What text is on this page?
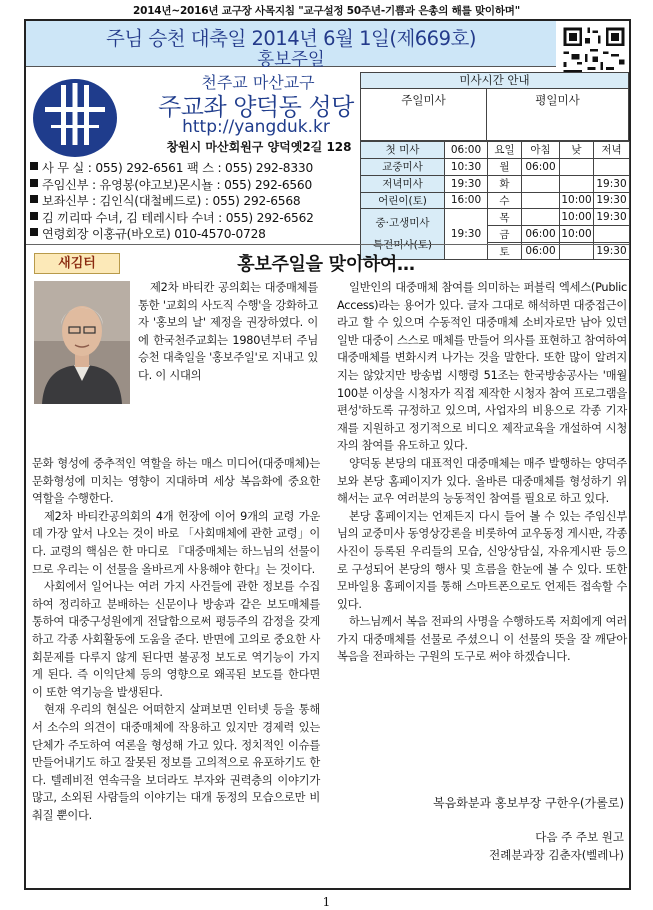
2014년~2016년 교구장 사목지침 "교구설정 50주년-기쁨과 은총의 해를 맞이하며"
주님 승천 대축일 2014년 6월 1일(제669호)
홍보주일
천주교 마산교구
주교좌 양덕동 성당
http://yangduk.kr
창원시 마산회원구 양덕옛2길 128
사 무 실 : 055) 292-6561 팩 스 : 055) 292-8330
주임신부 : 유영봉(야고보)몬시뇰 : 055) 292-6560
보좌신부 : 김인식(대철베드로) : 055) 292-6568
김 끼리따 수녀, 김 테레시타 수녀 : 055) 292-6562
연령회장 이홍규(바오로) 010-4570-0728
미사시간 안내
주일미사	평일미사
첫 미사	06:00	요일	아침	낮	저녁
교중미사	10:30	월	06:00		
저녁미사	19:30	화			19:30
어린이(토)	16:00	수		10:00	19:30
중·고생미사
특전미사(토)	19:30	목		10:00	19:30
		금	06:00	10:00	
		토	06:00		19:30
새김터	홍보주일을 맞이하여…

제2차 바티칸 공의회는 대중매체를 통한 '교회의 사도직 수행'을 강화하고자 '홍보의 날' 제정을 권장하였다. 이에 한국천주교회는 1980년부터 주님 승천 대축일을 '홍보주일'로 지내고 있다. 이 시대의

문화 형성에 중추적인 역할을 하는 매스 미디어(대중매체)는 문화형성에 미치는 영향이 지대하며 세상 복음화에 중요한 역할을 수행한다.

제2차 바티칸공의회의 4개 헌장에 이어 9개의 교령 가운데 가장 앞서 나오는 것이 바로 「사회매체에 관한 교령」이다. 교령의 핵심은 한 마디로 『대중매체는 하느님의 선물이므로 우리는 이 선물을 올바르게 사용해야 한다』는 것이다.

사회에서 일어나는 여러 가지 사건들에 관한 정보를 수집하여 정리하고 분배하는 신문이나 방송과 같은 보도매체를 통하여 대중구성원에게 전달함으로써 평등주의 감정을 갖게 하고 각종 사회활동에 도움을 준다. 반면에 고의로 중요한 사회문제를 다루지 않게 된다면 불공정 보도로 역기능이 가지게 된다. 즉 이익단체 등의 영향으로 왜곡된 보도를 한다면 이 또한 역기능을 발생된다.

현재 우리의 현실은 어떠한지 살펴보면 인터넷 등을 통해서 소수의 의견이 대중매체에 작용하고 있지만 경제력 있는 단체가 주도하여 여론을 형성해 가고 있다. 정치적인 이슈를 만들어내기도 하고 잘못된 정보를 고의적으로 유포하기도 한다. 텔레비전 연속극을 보더라도 부자와 권력층의 이야기가 많고, 소외된 사람들의 이야기는 대개 동정의 모습으로만 비춰질 뿐이다.

일반인의 대중매체 참여를 의미하는 퍼블릭 엑세스(Public Access)라는 용어가 있다. 글자 그대로 해석하면 대중접근이라고 할 수 있으며 수동적인 대중매체 소비자로만 남아 있던 일반 대중이 스스로 매체를 만들어 의사를 표현하고 참여하여 대중매체를 변화시켜 나가는 것을 말한다. 또한 많이 알려지지는 않았지만 방송법 시행령 51조는 한국방송공사는 '매월 100분 이상을 시청자가 직접 제작한 시청자 참여 프로그램을 편성'하도록 규정하고 있으며, 사업자의 비용으로 각종 기자재를 지원하고 정기적으로 비디오 제작교육을 개설하여 시청자의 참여를 유도하고 있다.

양덕동 본당의 대표적인 대중매체는 매주 발행하는 양덕주보와 본당 홈페이지가 있다. 올바른 대중매체를 형성하기 위해서는 교우 여러분의 능동적인 참여를 필요로 하고 있다.

본당 홈페이지는 언제든지 다시 들어 볼 수 있는 주임신부님의 교중미사 동영상강론을 비롯하여 교우동정 게시판, 각종 사진이 등록된 우리들의 모습, 신앙상담실, 자유게시판 등으로 구성되어 본당의 행사 및 흐름을 한눈에 볼 수 있다. 또한 모바일용 홈페이지를 통해 스마트폰으로도 언제든 접속할 수 있다.

하느님께서 복음 전파의 사명을 수행하도록 저희에게 여러 가지 대중매체를 선물로 주셨으니 이 선물의 뜻을 잘 깨닫아 복음을 전파하는 구원의 도구로 써야 하겠습니다.

복음화분과 홍보부장 구한우(가롤로)
다음 주 주보 원고
전례분과장 김춘자(벨레나)
1
